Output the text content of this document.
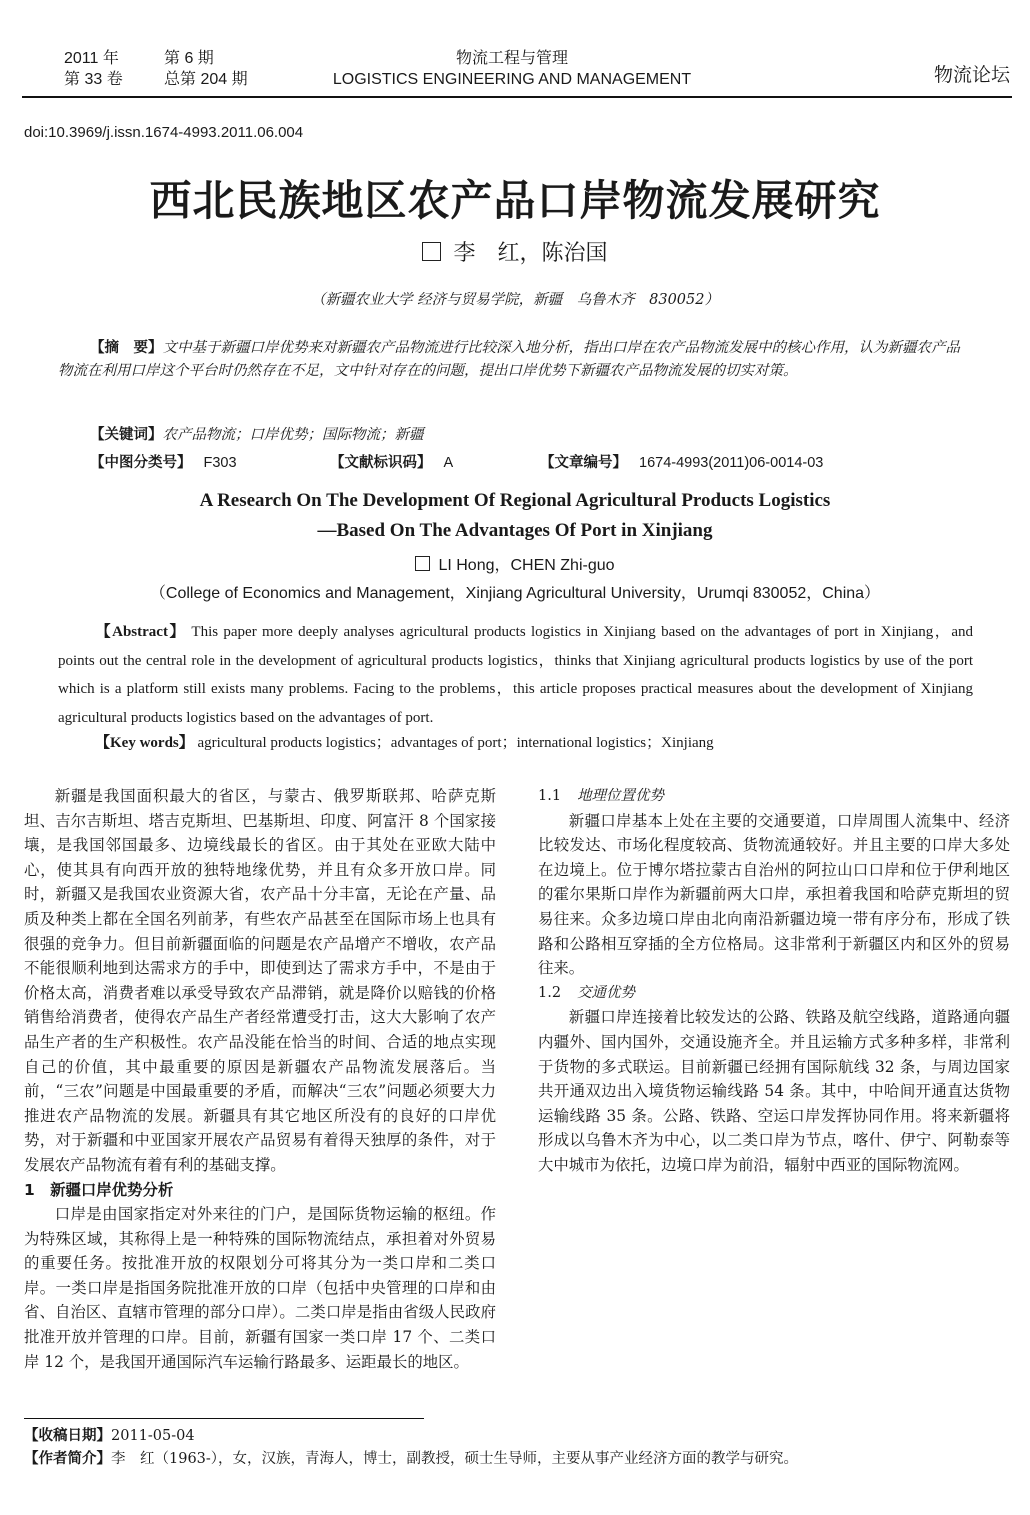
2011 年	第 6 期
第 33 卷	总第 204 期
物流工程与管理
LOGISTICS ENGINEERING AND MANAGEMENT	物流论坛
doi:10.3969/j.issn.1674-4993.2011.06.004
西北民族地区农产品口岸物流发展研究
李　红，陈治国
（新疆农业大学 经济与贸易学院，新疆　乌鲁木齐　830052）
【摘　要】文中基于新疆口岸优势来对新疆农产品物流进行比较深入地分析，指出口岸在农产品物流发展中的核心作用，认为新疆农产品物流在利用口岸这个平台时仍然存在不足，文中针对存在的问题，提出口岸优势下新疆农产品物流发展的切实对策。
【关键词】农产品物流；口岸优势；国际物流；新疆
【中图分类号】 F303	【文献标识码】 A	【文章编号】 1674-4993(2011)06-0014-03
A Research On The Development Of Regional Agricultural Products Logistics
—Based On The Advantages Of Port in Xinjiang
LI Hong，CHEN Zhi-guo
（College of Economics and Management，Xinjiang Agricultural University，Urumqi 830052，China）
【Abstract】 This paper more deeply analyses agricultural products logistics in Xinjiang based on the advantages of port in Xinjiang，and points out the central role in the development of agricultural products logistics，thinks that Xinjiang agricultural products logistics by use of the port which is a platform still exists many problems. Facing to the problems，this article proposes practical measures about the development of Xinjiang agricultural products logistics based on the advantages of port.
【Key words】 agricultural products logistics；advantages of port；international logistics；Xinjiang

新疆是我国面积最大的省区，与蒙古、俄罗斯联邦、哈萨克斯坦、吉尔吉斯坦、塔吉克斯坦、巴基斯坦、印度、阿富汗 8 个国家接壤，是我国邻国最多、边境线最长的省区。由于其处在亚欧大陆中心，使其具有向西开放的独特地缘优势，并且有众多开放口岸。同时，新疆又是我国农业资源大省，农产品十分丰富，无论在产量、品质及种类上都在全国名列前茅，有些农产品甚至在国际市场上也具有很强的竞争力。但目前新疆面临的问题是农产品增产不增收，农产品不能很顺利地到达需求方的手中，即使到达了需求方手中，不是由于价格太高，消费者难以承受导致农产品滞销，就是降价以赔钱的价格销售给消费者，使得农产品生产者经常遭受打击，这大大影响了农产品生产者的生产积极性。农产品没能在恰当的时间、合适的地点实现自己的价值，其中最重要的原因是新疆农产品物流发展落后。当前，“三农”问题是中国最重要的矛盾，而解决“三农”问题必须要大力推进农产品物流的发展。新疆具有其它地区所没有的良好的口岸优势，对于新疆和中亚国家开展农产品贸易有着得天独厚的条件，对于发展农产品物流有着有利的基础支撑。

1　新疆口岸优势分析

口岸是由国家指定对外来往的门户，是国际货物运输的枢纽。作为特殊区域，其称得上是一种特殊的国际物流结点，承担着对外贸易的重要任务。按批准开放的权限划分可将其分为一类口岸和二类口岸。一类口岸是指国务院批准开放的口岸（包括中央管理的口岸和由省、自治区、直辖市管理的部分口岸）。二类口岸是指由省级人民政府批准开放并管理的口岸。目前，新疆有国家一类口岸 17 个、二类口岸 12 个，是我国开通国际汽车运输行路最多、运距最长的地区。

1.1 地理位置优势

新疆口岸基本上处在主要的交通要道，口岸周围人流集中、经济比较发达、市场化程度较高、货物流通较好。并且主要的口岸大多处在边境上。位于博尔塔拉蒙古自治州的阿拉山口口岸和位于伊利地区的霍尔果斯口岸作为新疆前两大口岸，承担着我国和哈萨克斯坦的贸易往来。众多边境口岸由北向南沿新疆边境一带有序分布，形成了铁路和公路相互穿插的全方位格局。这非常利于新疆区内和区外的贸易往来。

1.2 交通优势

新疆口岸连接着比较发达的公路、铁路及航空线路，道路通向疆内疆外、国内国外，交通设施齐全。并且运输方式多种多样，非常利于货物的多式联运。目前新疆已经拥有国际航线 32 条，与周边国家共开通双边出入境货物运输线路 54 条。其中，中哈间开通直达货物运输线路 35 条。公路、铁路、空运口岸发挥协同作用。将来新疆将形成以乌鲁木齐为中心，以二类口岸为节点，喀什、伊宁、阿勒泰等大中城市为依托，边境口岸为前沿，辐射中西亚的国际物流网。

【收稿日期】2011-05-04
【作者简介】李　红（1963-），女，汉族，青海人，博士，副教授，硕士生导师，主要从事产业经济方面的教学与研究。
